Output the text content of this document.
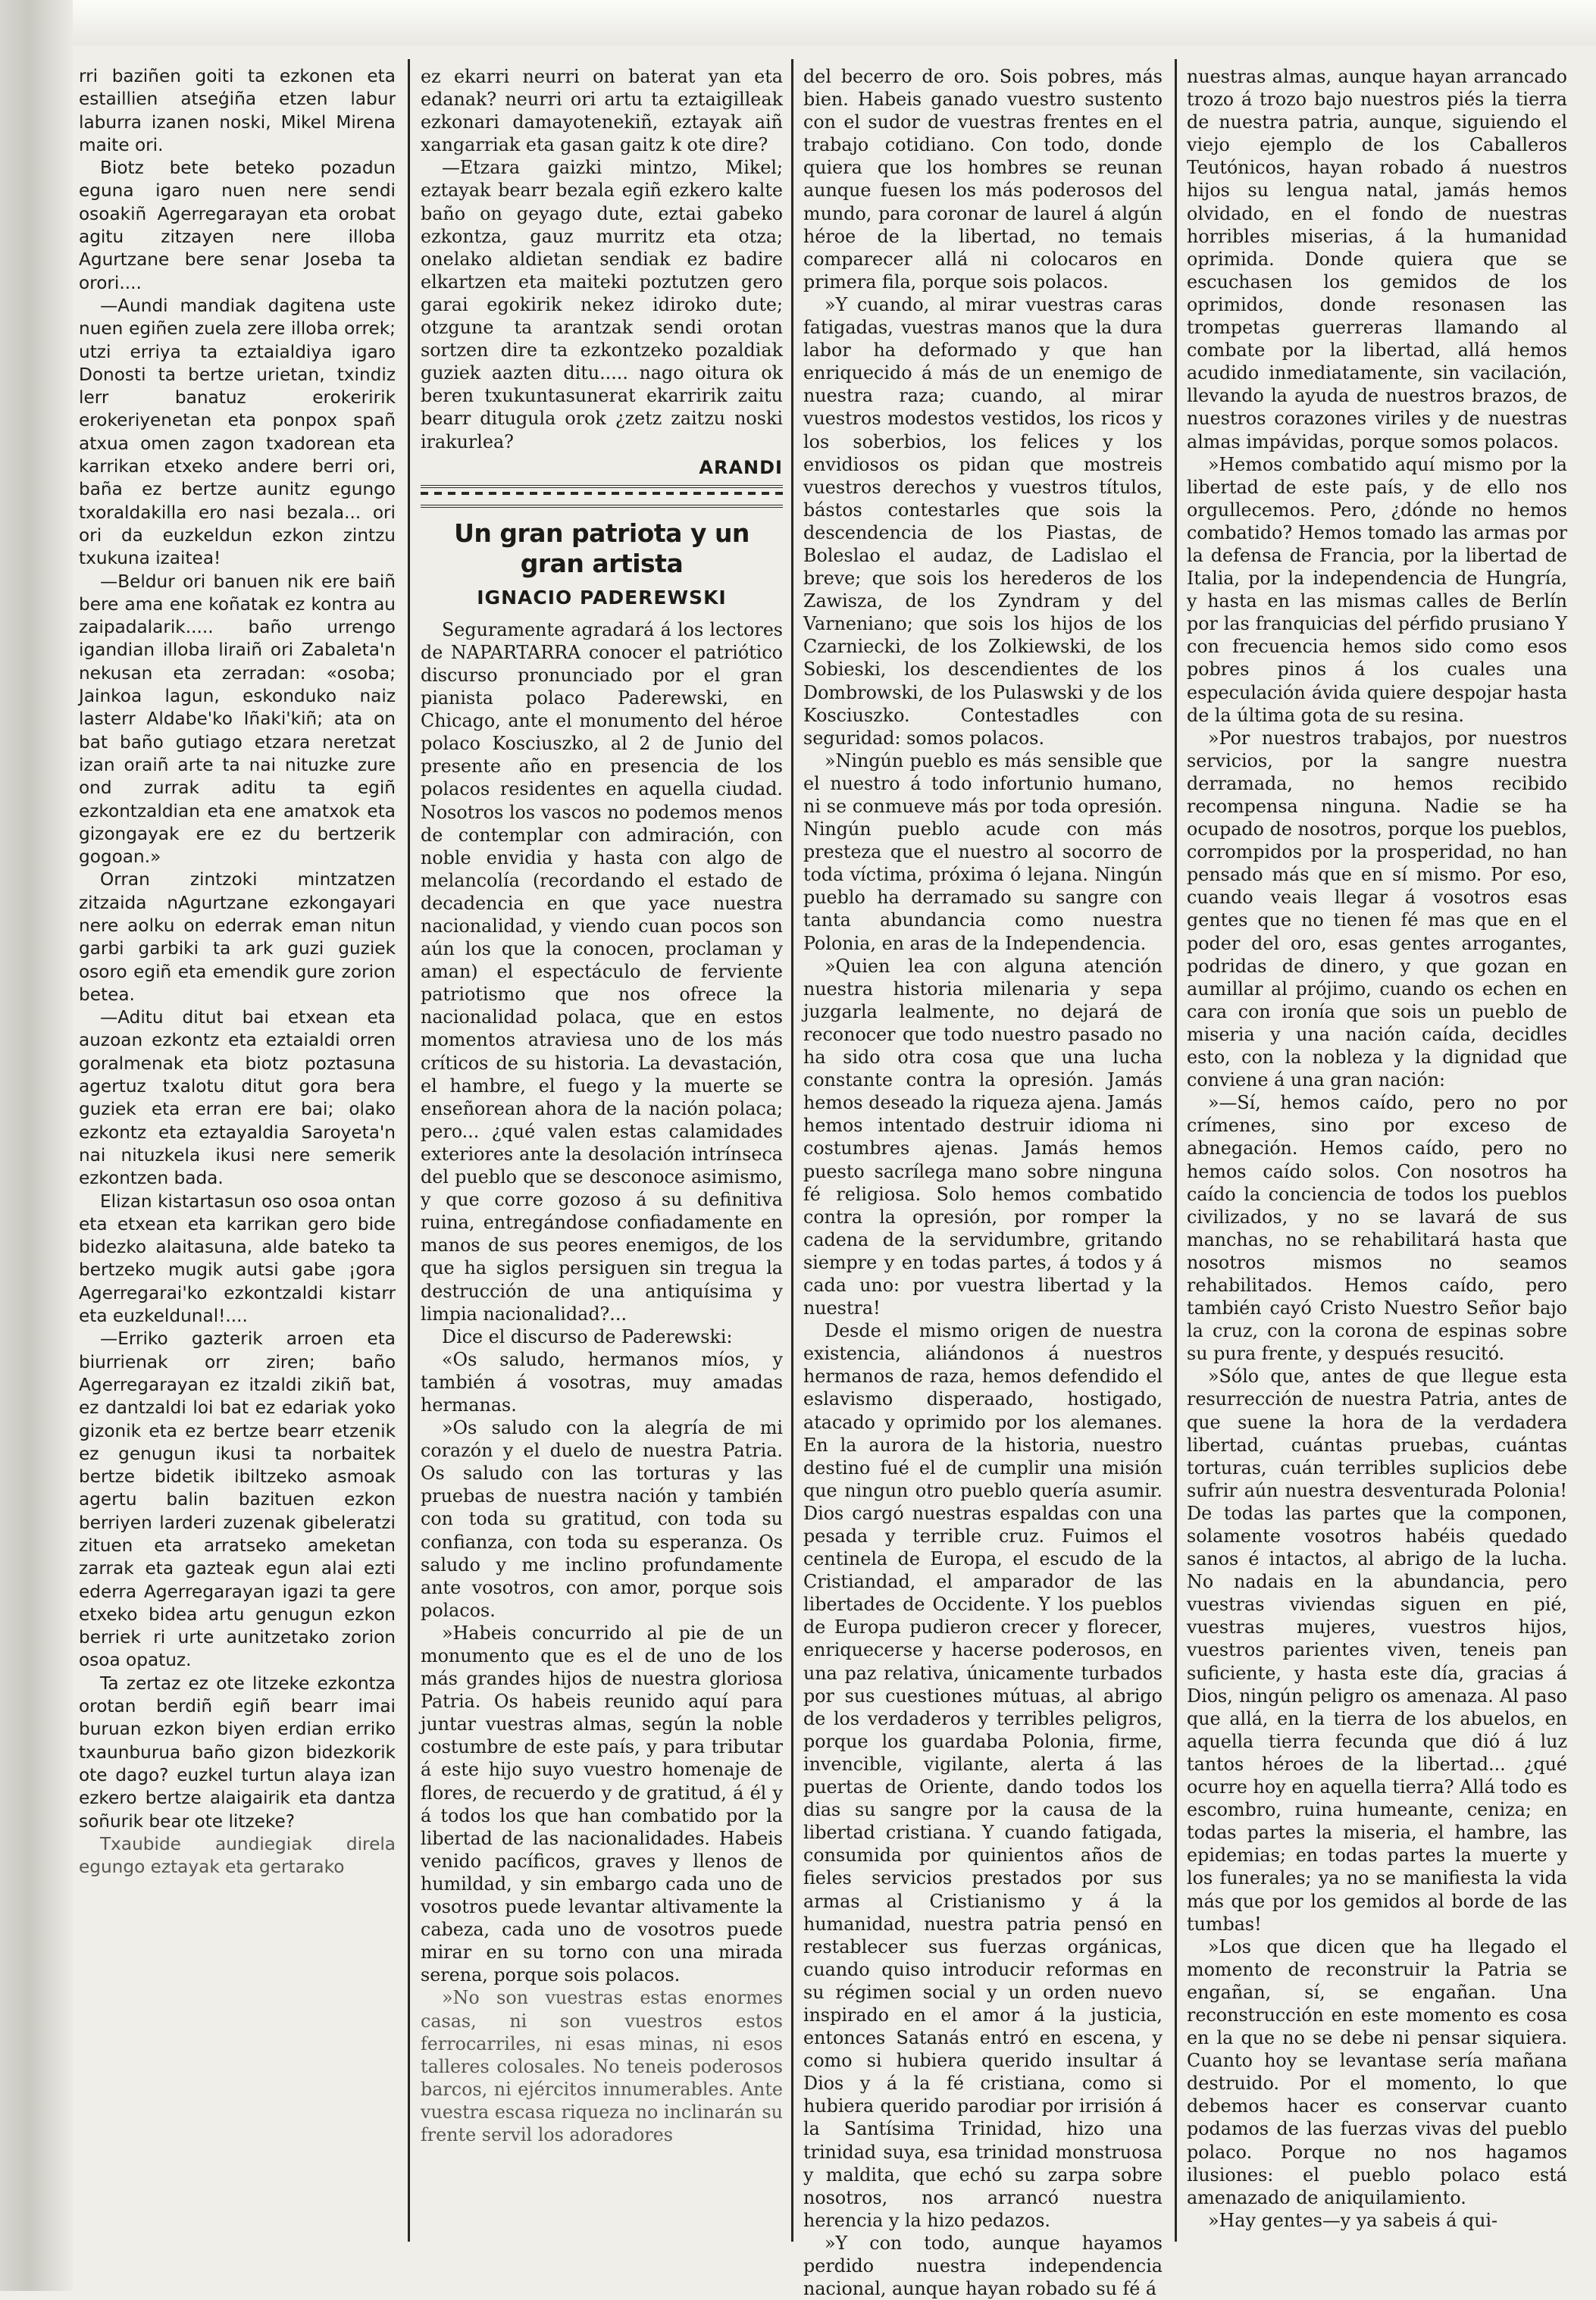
rri baziñen goiti ta ezkonen eta estaillien atseģiña etzen labur laburra izanen noski, Mikel Mirena maite ori.

Biotz bete beteko pozadun eguna igaro nuen nere sendi osoakiñ Agerregarayan eta orobat agitu zitzayen nere illoba Agurtzane bere senar Joseba ta orori....

—Aundi mandiak dagitena uste nuen egiñen zuela zere illoba orrek; utzi erriya ta eztaialdiya igaro Donosti ta bertze urietan, txindiz lerr banatuz erokeririk erokeriyenetan eta ponpox spañ atxua omen zagon txadorean eta karrikan etxeko andere berri ori, baña ez bertze aunitz egungo txoraldakilla ero nasi bezala... ori ori da euzkeldun ezkon zintzu txukuna izaitea!

—Beldur ori banuen nik ere baiñ bere ama ene koñatak ez kontra au zaipadalarik..... baño urrengo igandian illoba liraiñ ori Zabaleta'n nekusan eta zerradan: «osoba; Jainkoa lagun, eskonduko naiz lasterr Aldabe'ko Iñaki'kiñ; ata on bat baño gutiago etzara neretzat izan oraiñ arte ta nai nituzke zure ond zurrak aditu ta egiñ ezkontzaldian eta ene amatxok eta gizongayak ere ez du bertzerik gogoan.»

Orran zintzoki mintzatzen zitzaida nAgurtzane ezkongayari nere aolku on ederrak eman nitun garbi garbiki ta ark guzi guziek osoro egiñ eta emendik gure zorion betea.

—Aditu ditut bai etxean eta auzoan ezkontz eta eztaialdi orren goralmenak eta biotz poztasuna agertuz txalotu ditut gora bera guziek eta erran ere bai; olako ezkontz eta eztayaldia Saroyeta'n nai nituzkela ikusi nere semerik ezkontzen bada.

Elizan kistartasun oso osoa ontan eta etxean eta karrikan gero bide bidezko alaitasuna, alde bateko ta bertzeko mugik autsi gabe ¡gora Agerregarai'ko ezkontzaldi kistarr eta euzkeldunal!....

—Erriko gazterik arroen eta biurrienak orr ziren; baño Agerregarayan ez itzaldi zikiñ bat, ez dantzaldi loi bat ez edariak yoko gizonik eta ez bertze bearr etzenik ez genugun ikusi ta norbaitek bertze bidetik ibiltzeko asmoak agertu balin bazituen ezkon berriyen larderi zuzenak gibeleratzi zituen eta arratseko ameketan zarrak eta gazteak egun alai ezti ederra Agerregarayan igazi ta gere etxeko bidea artu genugun ezkon berriek ri urte aunitzetako zorion osoa opatuz.

Ta zertaz ez ote litzeke ezkontza orotan berdiñ egiñ bearr imai buruan ezkon biyen erdian erriko txaunburua baño gizon bidezkorik ote dago? euzkel turtun alaya izan ezkero bertze alaigairik eta dantza soñurik bear ote litzeke?

Txaubide aundiegiak direla egungo eztayak eta gertarako

ez ekarri neurri on baterat yan eta edanak? neurri ori artu ta eztaigilleak ezkonari damayotenekiñ, eztayak aiñ xangarriak eta gasan gaitz k ote dire?

—Etzara gaizki mintzo, Mikel; eztayak bearr bezala egiñ ezkero kalte baño on geyago dute, eztai gabeko ezkontza, gauz murritz eta otza; onelako aldietan sendiak ez badire elkartzen eta maiteki poztutzen gero garai egokirik nekez idiroko dute; otzgune ta arantzak sendi orotan sortzen dire ta ezkontzeko pozaldiak guziek aazten ditu..... nago oitura ok beren txukuntasunerat ekarririk zaitu bearr ditugula orok ¿zetz zaitzu noski irakurlea?

ARANDI
Un gran patriota y un gran artista
IGNACIO PADEREWSKI

Seguramente agradará á los lectores de NAPARTARRA conocer el patriótico discurso pronunciado por el gran pianista polaco Paderewski, en Chicago, ante el monumento del héroe polaco Kosciuszko, al 2 de Junio del presente año en presencia de los polacos residentes en aquella ciudad. Nosotros los vascos no podemos menos de contemplar con admiración, con noble envidia y hasta con algo de melancolía (recordando el estado de decadencia en que yace nuestra nacionalidad, y viendo cuan pocos son aún los que la conocen, proclaman y aman) el espectáculo de ferviente patriotismo que nos ofrece la nacionalidad polaca, que en estos momentos atraviesa uno de los más críticos de su historia. La devastación, el hambre, el fuego y la muerte se enseñorean ahora de la nación polaca; pero... ¿qué valen estas calamidades exteriores ante la desolación intrínseca del pueblo que se desconoce asimismo, y que corre gozoso á su definitiva ruina, entregándose confiadamente en manos de sus peores enemigos, de los que ha siglos persiguen sin tregua la destrucción de una antiquísima y limpia nacionalidad?...

Dice el discurso de Paderewski:

«Os saludo, hermanos míos, y también á vosotras, muy amadas hermanas.

»Os saludo con la alegría de mi corazón y el duelo de nuestra Patria. Os saludo con las torturas y las pruebas de nuestra nación y también con toda su gratitud, con toda su confianza, con toda su esperanza. Os saludo y me inclino profundamente ante vosotros, con amor, porque sois polacos.

»Habeis concurrido al pie de un monumento que es el de uno de los más grandes hijos de nuestra gloriosa Patria. Os habeis reunido aquí para juntar vuestras almas, según la noble costumbre de este país, y para tributar á este hijo suyo vuestro homenaje de flores, de recuerdo y de gratitud, á él y á todos los que han combatido por la libertad de las nacionalidades. Habeis venido pacíficos, graves y llenos de humildad, y sin embargo cada uno de vosotros puede levantar altivamente la cabeza, cada uno de vosotros puede mirar en su torno con una mirada serena, porque sois polacos.

»No son vuestras estas enormes casas, ni son vuestros estos ferrocarriles, ni esas minas, ni esos talleres colosales. No teneis poderosos barcos, ni ejércitos innumerables. Ante vuestra escasa riqueza no inclinarán su frente servil los adoradores

del becerro de oro. Sois pobres, más bien. Habeis ganado vuestro sustento con el sudor de vuestras frentes en el trabajo cotidiano. Con todo, donde quiera que los hombres se reunan aunque fuesen los más poderosos del mundo, para coronar de laurel á algún héroe de la libertad, no temais comparecer allá ni colocaros en primera fila, porque sois polacos.

»Y cuando, al mirar vuestras caras fatigadas, vuestras manos que la dura labor ha deformado y que han enriquecido á más de un enemigo de nuestra raza; cuando, al mirar vuestros modestos vestidos, los ricos y los soberbios, los felices y los envidiosos os pidan que mostreis vuestros derechos y vuestros títulos, bástos contestarles que sois la descendencia de los Piastas, de Boleslao el audaz, de Ladislao el breve; que sois los herederos de los Zawisza, de los Zyndram y del Varneniano; que sois los hijos de los Czarniecki, de los Zolkiewski, de los Sobieski, los descendientes de los Dombrowski, de los Pulaswski y de los Kosciuszko. Contestadles con seguridad: somos polacos.

»Ningún pueblo es más sensible que el nuestro á todo infortunio humano, ni se conmueve más por toda opresión. Ningún pueblo acude con más presteza que el nuestro al socorro de toda víctima, próxima ó lejana. Ningún pueblo ha derramado su sangre con tanta abundancia como nuestra Polonia, en aras de la Independencia.

»Quien lea con alguna atención nuestra historia milenaria y sepa juzgarla lealmente, no dejará de reconocer que todo nuestro pasado no ha sido otra cosa que una lucha constante contra la opresión. Jamás hemos deseado la riqueza ajena. Jamás hemos intentado destruir idioma ni costumbres ajenas. Jamás hemos puesto sacrílega mano sobre ninguna fé religiosa. Solo hemos combatido contra la opresión, por romper la cadena de la servidumbre, gritando siempre y en todas partes, á todos y á cada uno: por vuestra libertad y la nuestra!

Desde el mismo origen de nuestra existencia, aliándonos á nuestros hermanos de raza, hemos defendido el eslavismo disperaado, hostigado, atacado y oprimido por los alemanes. En la aurora de la historia, nuestro destino fué el de cumplir una misión que ningun otro pueblo quería asumir. Dios cargó nuestras espaldas con una pesada y terrible cruz. Fuimos el centinela de Europa, el escudo de la Cristiandad, el amparador de las libertades de Occidente. Y los pueblos de Europa pudieron crecer y florecer, enriquecerse y hacerse poderosos, en una paz relativa, únicamente turbados por sus cuestiones mútuas, al abrigo de los verdaderos y terribles peligros, porque los guardaba Polonia, firme, invencible, vigilante, alerta á las puertas de Oriente, dando todos los dias su sangre por la causa de la libertad cristiana. Y cuando fatigada, consumida por quinientos años de fieles servicios prestados por sus armas al Cristianismo y á la humanidad, nuestra patria pensó en restablecer sus fuerzas orgánicas, cuando quiso introducir reformas en su régimen social y un orden nuevo inspirado en el amor á la justicia, entonces Satanás entró en escena, y como si hubiera querido insultar á Dios y á la fé cristiana, como si hubiera querido parodiar por irrisión á la Santísima Trinidad, hizo una trinidad suya, esa trinidad monstruosa y maldita, que echó su zarpa sobre nosotros, nos arrancó nuestra herencia y la hizo pedazos.

»Y con todo, aunque hayamos perdido nuestra independencia nacional, aunque hayan robado su fé á

nuestras almas, aunque hayan arrancado trozo á trozo bajo nuestros piés la tierra de nuestra patria, aunque, siguiendo el viejo ejemplo de los Caballeros Teutónicos, hayan robado á nuestros hijos su lengua natal, jamás hemos olvidado, en el fondo de nuestras horribles miserias, á la humanidad oprimida. Donde quiera que se escuchasen los gemidos de los oprimidos, donde resonasen las trompetas guerreras llamando al combate por la libertad, allá hemos acudido inmediatamente, sin vacilación, llevando la ayuda de nuestros brazos, de nuestros corazones viriles y de nuestras almas impávidas, porque somos polacos.

»Hemos combatido aquí mismo por la libertad de este país, y de ello nos orgullecemos. Pero, ¿dónde no hemos combatido? Hemos tomado las armas por la defensa de Francia, por la libertad de Italia, por la independencia de Hungría, y hasta en las mismas calles de Berlín por las franquicias del pérfido prusiano Y con frecuencia hemos sido como esos pobres pinos á los cuales una especulación ávida quiere despojar hasta de la última gota de su resina.

»Por nuestros trabajos, por nuestros servicios, por la sangre nuestra derramada, no hemos recibido recompensa ninguna. Nadie se ha ocupado de nosotros, porque los pueblos, corrompidos por la prosperidad, no han pensado más que en sí mismo. Por eso, cuando veais llegar á vosotros esas gentes que no tienen fé mas que en el poder del oro, esas gentes arrogantes, podridas de dinero, y que gozan en aumillar al prójimo, cuando os echen en cara con ironía que sois un pueblo de miseria y una nación caída, decidles esto, con la nobleza y la dignidad que conviene á una gran nación:

»—Sí, hemos caído, pero no por crímenes, sino por exceso de abnegación. Hemos caído, pero no hemos caído solos. Con nosotros ha caído la conciencia de todos los pueblos civilizados, y no se lavará de sus manchas, no se rehabilitará hasta que nosotros mismos no seamos rehabilitados. Hemos caído, pero también cayó Cristo Nuestro Señor bajo la cruz, con la corona de espinas sobre su pura frente, y después resucitó.

»Sólo que, antes de que llegue esta resurrección de nuestra Patria, antes de que suene la hora de la verdadera libertad, cuántas pruebas, cuántas torturas, cuán terribles suplicios debe sufrir aún nuestra desventurada Polonia! De todas las partes que la componen, solamente vosotros habéis quedado sanos é intactos, al abrigo de la lucha. No nadais en la abundancia, pero vuestras viviendas siguen en pié, vuestras mujeres, vuestros hijos, vuestros parientes viven, teneis pan suficiente, y hasta este día, gracias á Dios, ningún peligro os amenaza. Al paso que allá, en la tierra de los abuelos, en aquella tierra fecunda que dió á luz tantos héroes de la libertad... ¿qué ocurre hoy en aquella tierra? Allá todo es escombro, ruina humeante, ceniza; en todas partes la miseria, el hambre, las epidemias; en todas partes la muerte y los funerales; ya no se manifiesta la vida más que por los gemidos al borde de las tumbas!

»Los que dicen que ha llegado el momento de reconstruir la Patria se engañan, sí, se engañan. Una reconstrucción en este momento es cosa en la que no se debe ni pensar siquiera. Cuanto hoy se levantase sería mañana destruido. Por el momento, lo que debemos hacer es conservar cuanto podamos de las fuerzas vivas del pueblo polaco. Porque no nos hagamos ilusiones: el pueblo polaco está amenazado de aniquilamiento.

»Hay gentes—y ya sabeis á qui-
